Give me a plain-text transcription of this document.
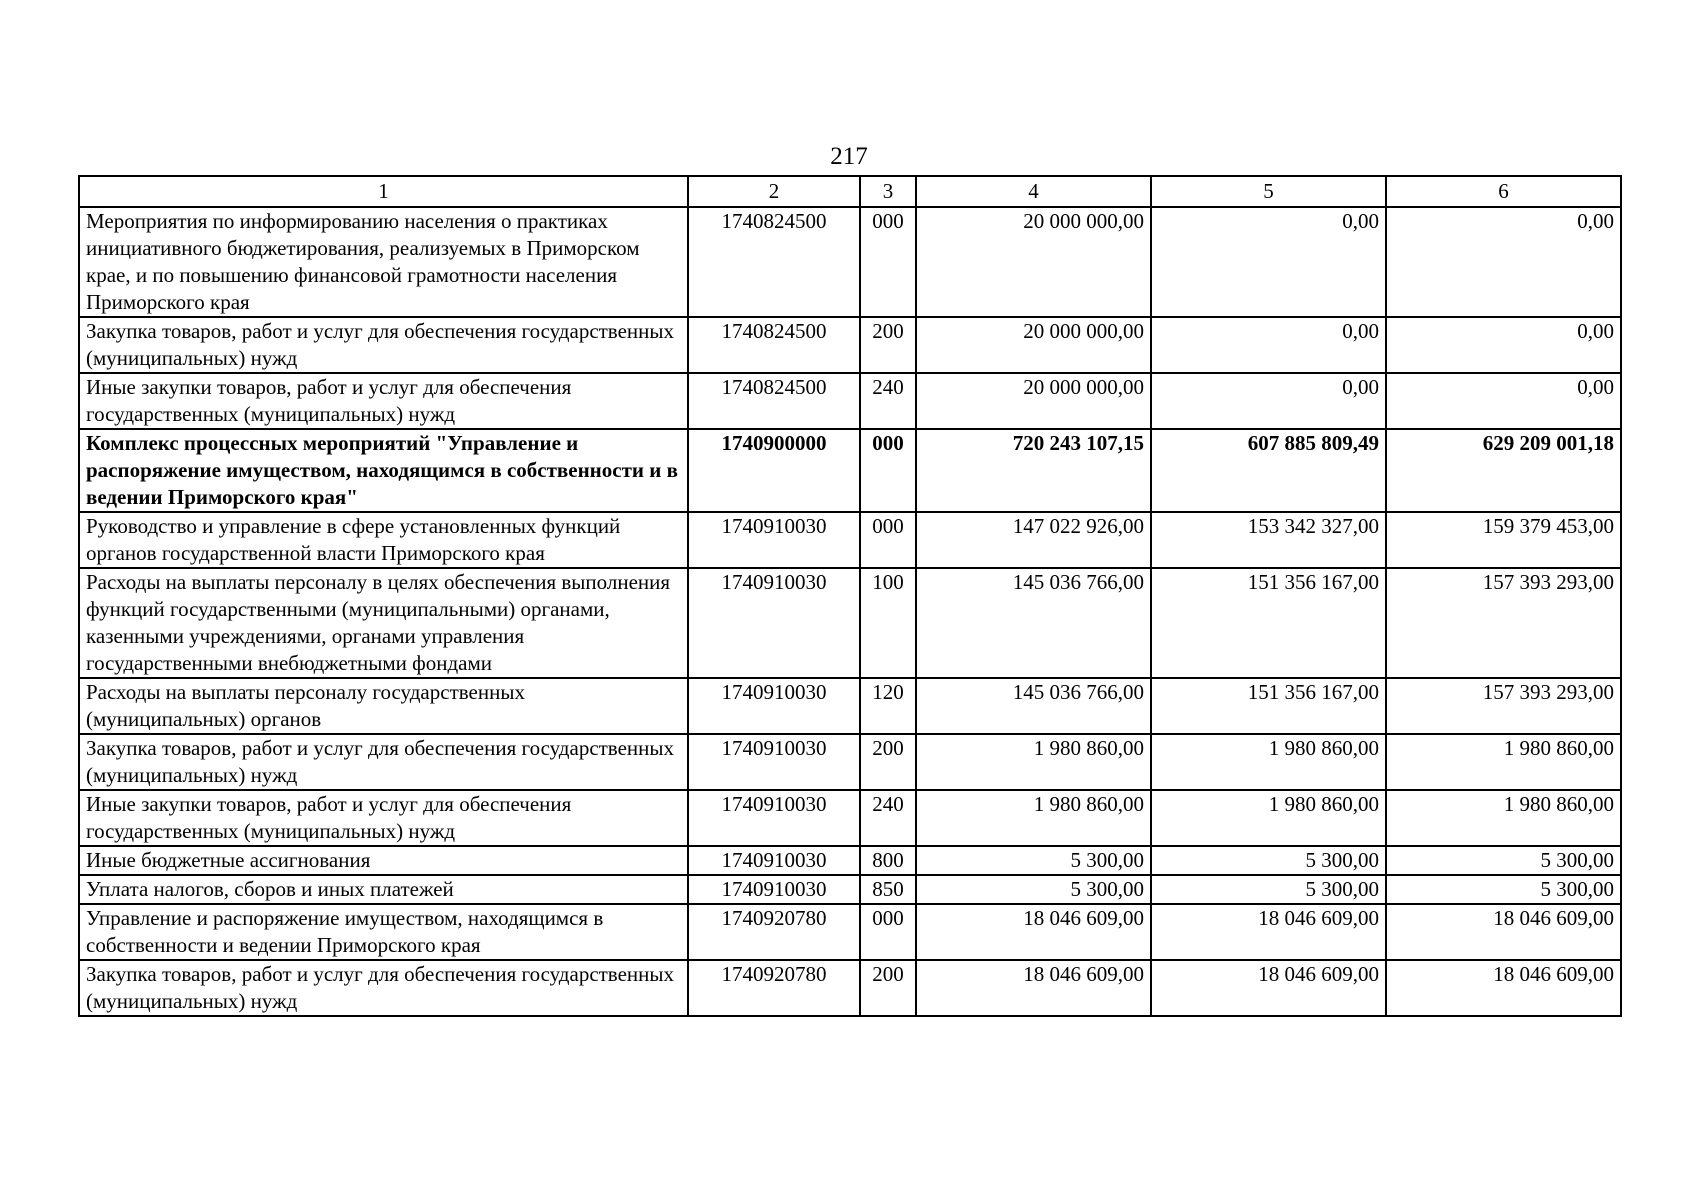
217
1	2	3	4	5	6
Мероприятия по информированию населения о практиках инициативного бюджетирования, реализуемых в Приморском крае, и по повышению финансовой грамотности населения Приморского края	1740824500	000	20 000 000,00	0,00	0,00
Закупка товаров, работ и услуг для обеспечения государственных (муниципальных) нужд	1740824500	200	20 000 000,00	0,00	0,00
Иные закупки товаров, работ и услуг для обеспечения государственных (муниципальных) нужд	1740824500	240	20 000 000,00	0,00	0,00
Комплекс процессных мероприятий "Управление и распоряжение имуществом, находящимся в собственности и в ведении Приморского края"	1740900000	000	720 243 107,15	607 885 809,49	629 209 001,18
Руководство и управление в сфере установленных функций органов государственной власти Приморского края	1740910030	000	147 022 926,00	153 342 327,00	159 379 453,00
Расходы на выплаты персоналу в целях обеспечения выполнения функций государственными (муниципальными) органами, казенными учреждениями, органами управления государственными внебюджетными фондами	1740910030	100	145 036 766,00	151 356 167,00	157 393 293,00
Расходы на выплаты персоналу государственных (муниципальных) органов	1740910030	120	145 036 766,00	151 356 167,00	157 393 293,00
Закупка товаров, работ и услуг для обеспечения государственных (муниципальных) нужд	1740910030	200	1 980 860,00	1 980 860,00	1 980 860,00
Иные закупки товаров, работ и услуг для обеспечения государственных (муниципальных) нужд	1740910030	240	1 980 860,00	1 980 860,00	1 980 860,00
Иные бюджетные ассигнования	1740910030	800	5 300,00	5 300,00	5 300,00
Уплата налогов, сборов и иных платежей	1740910030	850	5 300,00	5 300,00	5 300,00
Управление и распоряжение имуществом, находящимся в собственности и ведении Приморского края	1740920780	000	18 046 609,00	18 046 609,00	18 046 609,00
Закупка товаров, работ и услуг для обеспечения государственных (муниципальных) нужд	1740920780	200	18 046 609,00	18 046 609,00	18 046 609,00
